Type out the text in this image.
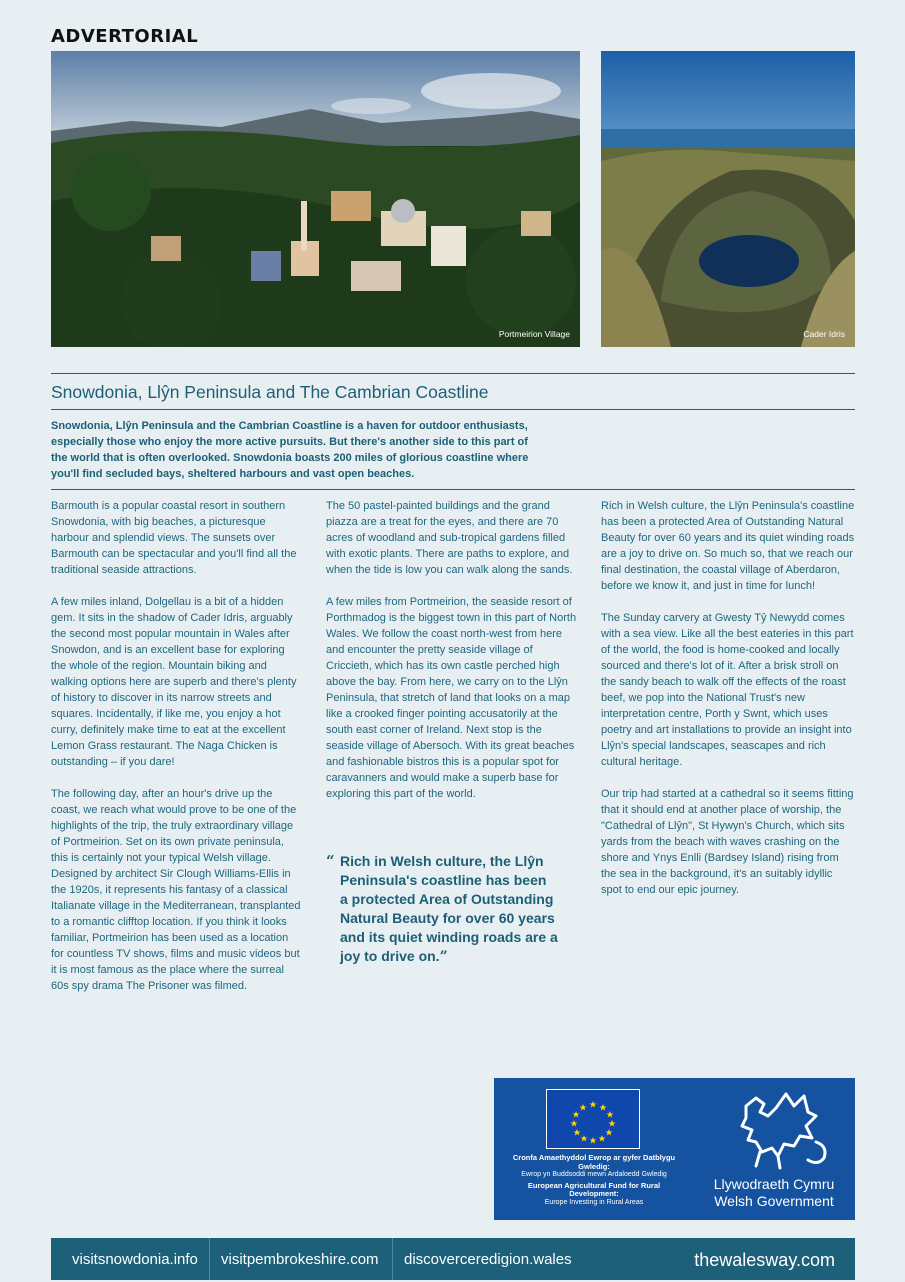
ADVERTORIAL
Portmeirion Village	Cader Idris
Snowdonia, Llŷn Peninsula and The Cambrian Coastline
Snowdonia, Llŷn Peninsula and the Cambrian Coastline is a haven for outdoor enthusiasts, especially those who enjoy the more active pursuits. But there's another side to this part of the world that is often overlooked. Snowdonia boasts 200 miles of glorious coastline where you'll find secluded bays, sheltered harbours and vast open beaches.

Barmouth is a popular coastal resort in southern Snowdonia, with big beaches, a picturesque harbour and splendid views. The sunsets over Barmouth can be spectacular and you'll find all the traditional seaside attractions.

A few miles inland, Dolgellau is a bit of a hidden gem. It sits in the shadow of Cader Idris, arguably the second most popular mountain in Wales after Snowdon, and is an excellent base for exploring the whole of the region. Mountain biking and walking options here are superb and there's plenty of history to discover in its narrow streets and squares. Incidentally, if like me, you enjoy a hot curry, definitely make time to eat at the excellent Lemon Grass restaurant. The Naga Chicken is outstanding – if you dare!

The following day, after an hour's drive up the coast, we reach what would prove to be one of the highlights of the trip, the truly extraordinary village of Portmeirion. Set on its own private peninsula, this is certainly not your typical Welsh village. Designed by architect Sir Clough Williams-Ellis in the 1920s, it represents his fantasy of a classical Italianate village in the Mediterranean, transplanted to a romantic clifftop location. If you think it looks familiar, Portmeirion has been used as a location for countless TV shows, films and music videos but it is most famous as the place where the surreal 60s spy drama The Prisoner was filmed.

The 50 pastel-painted buildings and the grand piazza are a treat for the eyes, and there are 70 acres of woodland and sub-tropical gardens filled with exotic plants. There are paths to explore, and when the tide is low you can walk along the sands.

A few miles from Portmeirion, the seaside resort of Porthmadog is the biggest town in this part of North Wales. We follow the coast north-west from here and encounter the pretty seaside village of Criccieth, which has its own castle perched high above the bay. From here, we carry on to the Llŷn Peninsula, that stretch of land that looks on a map like a crooked finger pointing accusatorily at the south east corner of Ireland. Next stop is the seaside village of Abersoch. With its great beaches and fashionable bistros this is a popular spot for caravanners and would make a superb base for exploring this part of the world.

“ Rich in Welsh culture, the Llŷn Peninsula's coastline has been a protected Area of Outstanding Natural Beauty for over 60 years and its quiet winding roads are a joy to drive on.”

Rich in Welsh culture, the Llŷn Peninsula's coastline has been a protected Area of Outstanding Natural Beauty for over 60 years and its quiet winding roads are a joy to drive on. So much so, that we reach our final destination, the coastal village of Aberdaron, before we know it, and just in time for lunch!

The Sunday carvery at Gwesty Tŷ Newydd comes with a sea view. Like all the best eateries in this part of the world, the food is home-cooked and locally sourced and there's lot of it. After a brisk stroll on the sandy beach to walk off the effects of the roast beef, we pop into the National Trust's new interpretation centre, Porth y Swnt, which uses poetry and art installations to provide an insight into Llŷn's special landscapes, seascapes and rich cultural heritage.

Our trip had started at a cathedral so it seems fitting that it should end at another place of worship, the "Cathedral of Llŷn", St Hywyn's Church, which sits yards from the beach with waves crashing on the shore and Ynys Enlli (Bardsey Island) rising from the sea in the background, it's an suitably idyllic spot to end our epic journey.

Cronfa Amaethyddol Ewrop ar gyfer Datblygu Gwledig:
Ewrop yn Buddsoddi mewn Ardaloedd Gwledig
European Agricultural Fund for Rural Development:
Europe Investing in Rural Areas
Llywodraeth Cymru
Welsh Government
visitsnowdonia.info visitpembrokeshire.com discoverceredigion.wales	thewalesway.com
